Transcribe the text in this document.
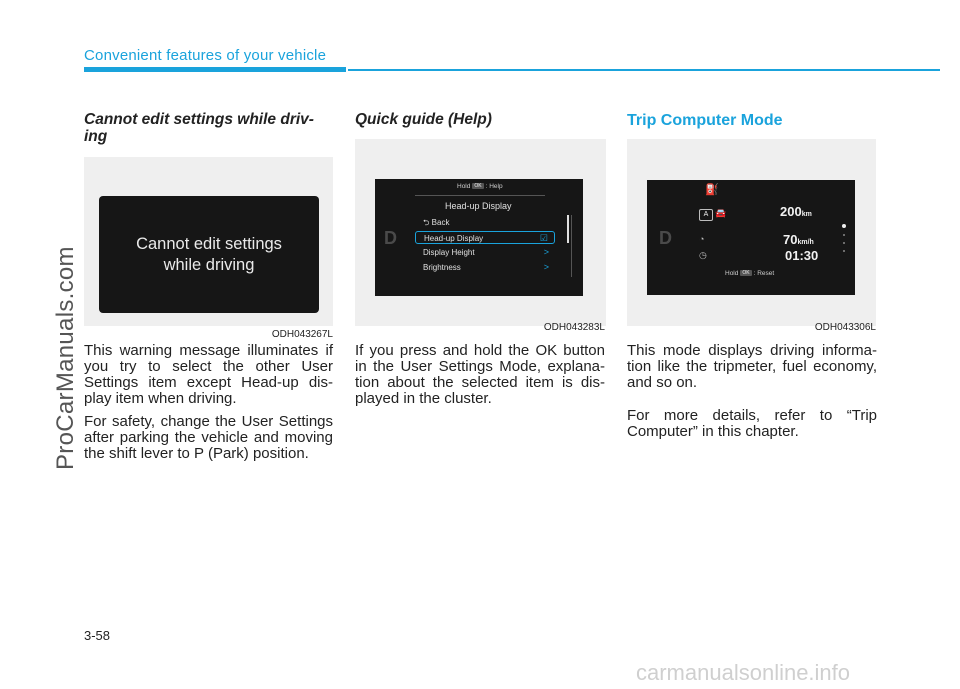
Convenient features of your vehicle
ProCarManuals.com
Cannot edit settings while driv-
ing
Cannot edit settings
while driving
ODH043267L

This warning message illuminates if you try to select the other User Settings item except Head-up dis-play item when driving.

For safety, change the User Settings after parking the vehicle and moving the shift lever to P (Park) position.

Quick guide (Help)
D
Hold OK : Help
Head-up Display
⮌ Back
Head-up Display	☑
Display Height	>
Brightness	>
ODH043283L

If you press and hold the OK button in the User Settings Mode, explana-tion about the selected item is dis-played in the cluster.

Trip Computer Mode
D
⛽
A 🚘	200km
◔	70km/h
◷	01:30
Hold OK : Reset
ODH043306L

This mode displays driving informa-tion like the tripmeter, fuel economy, and so on.

For more details, refer to “Trip Computer” in this chapter.

3-58
carmanualsonline.info
